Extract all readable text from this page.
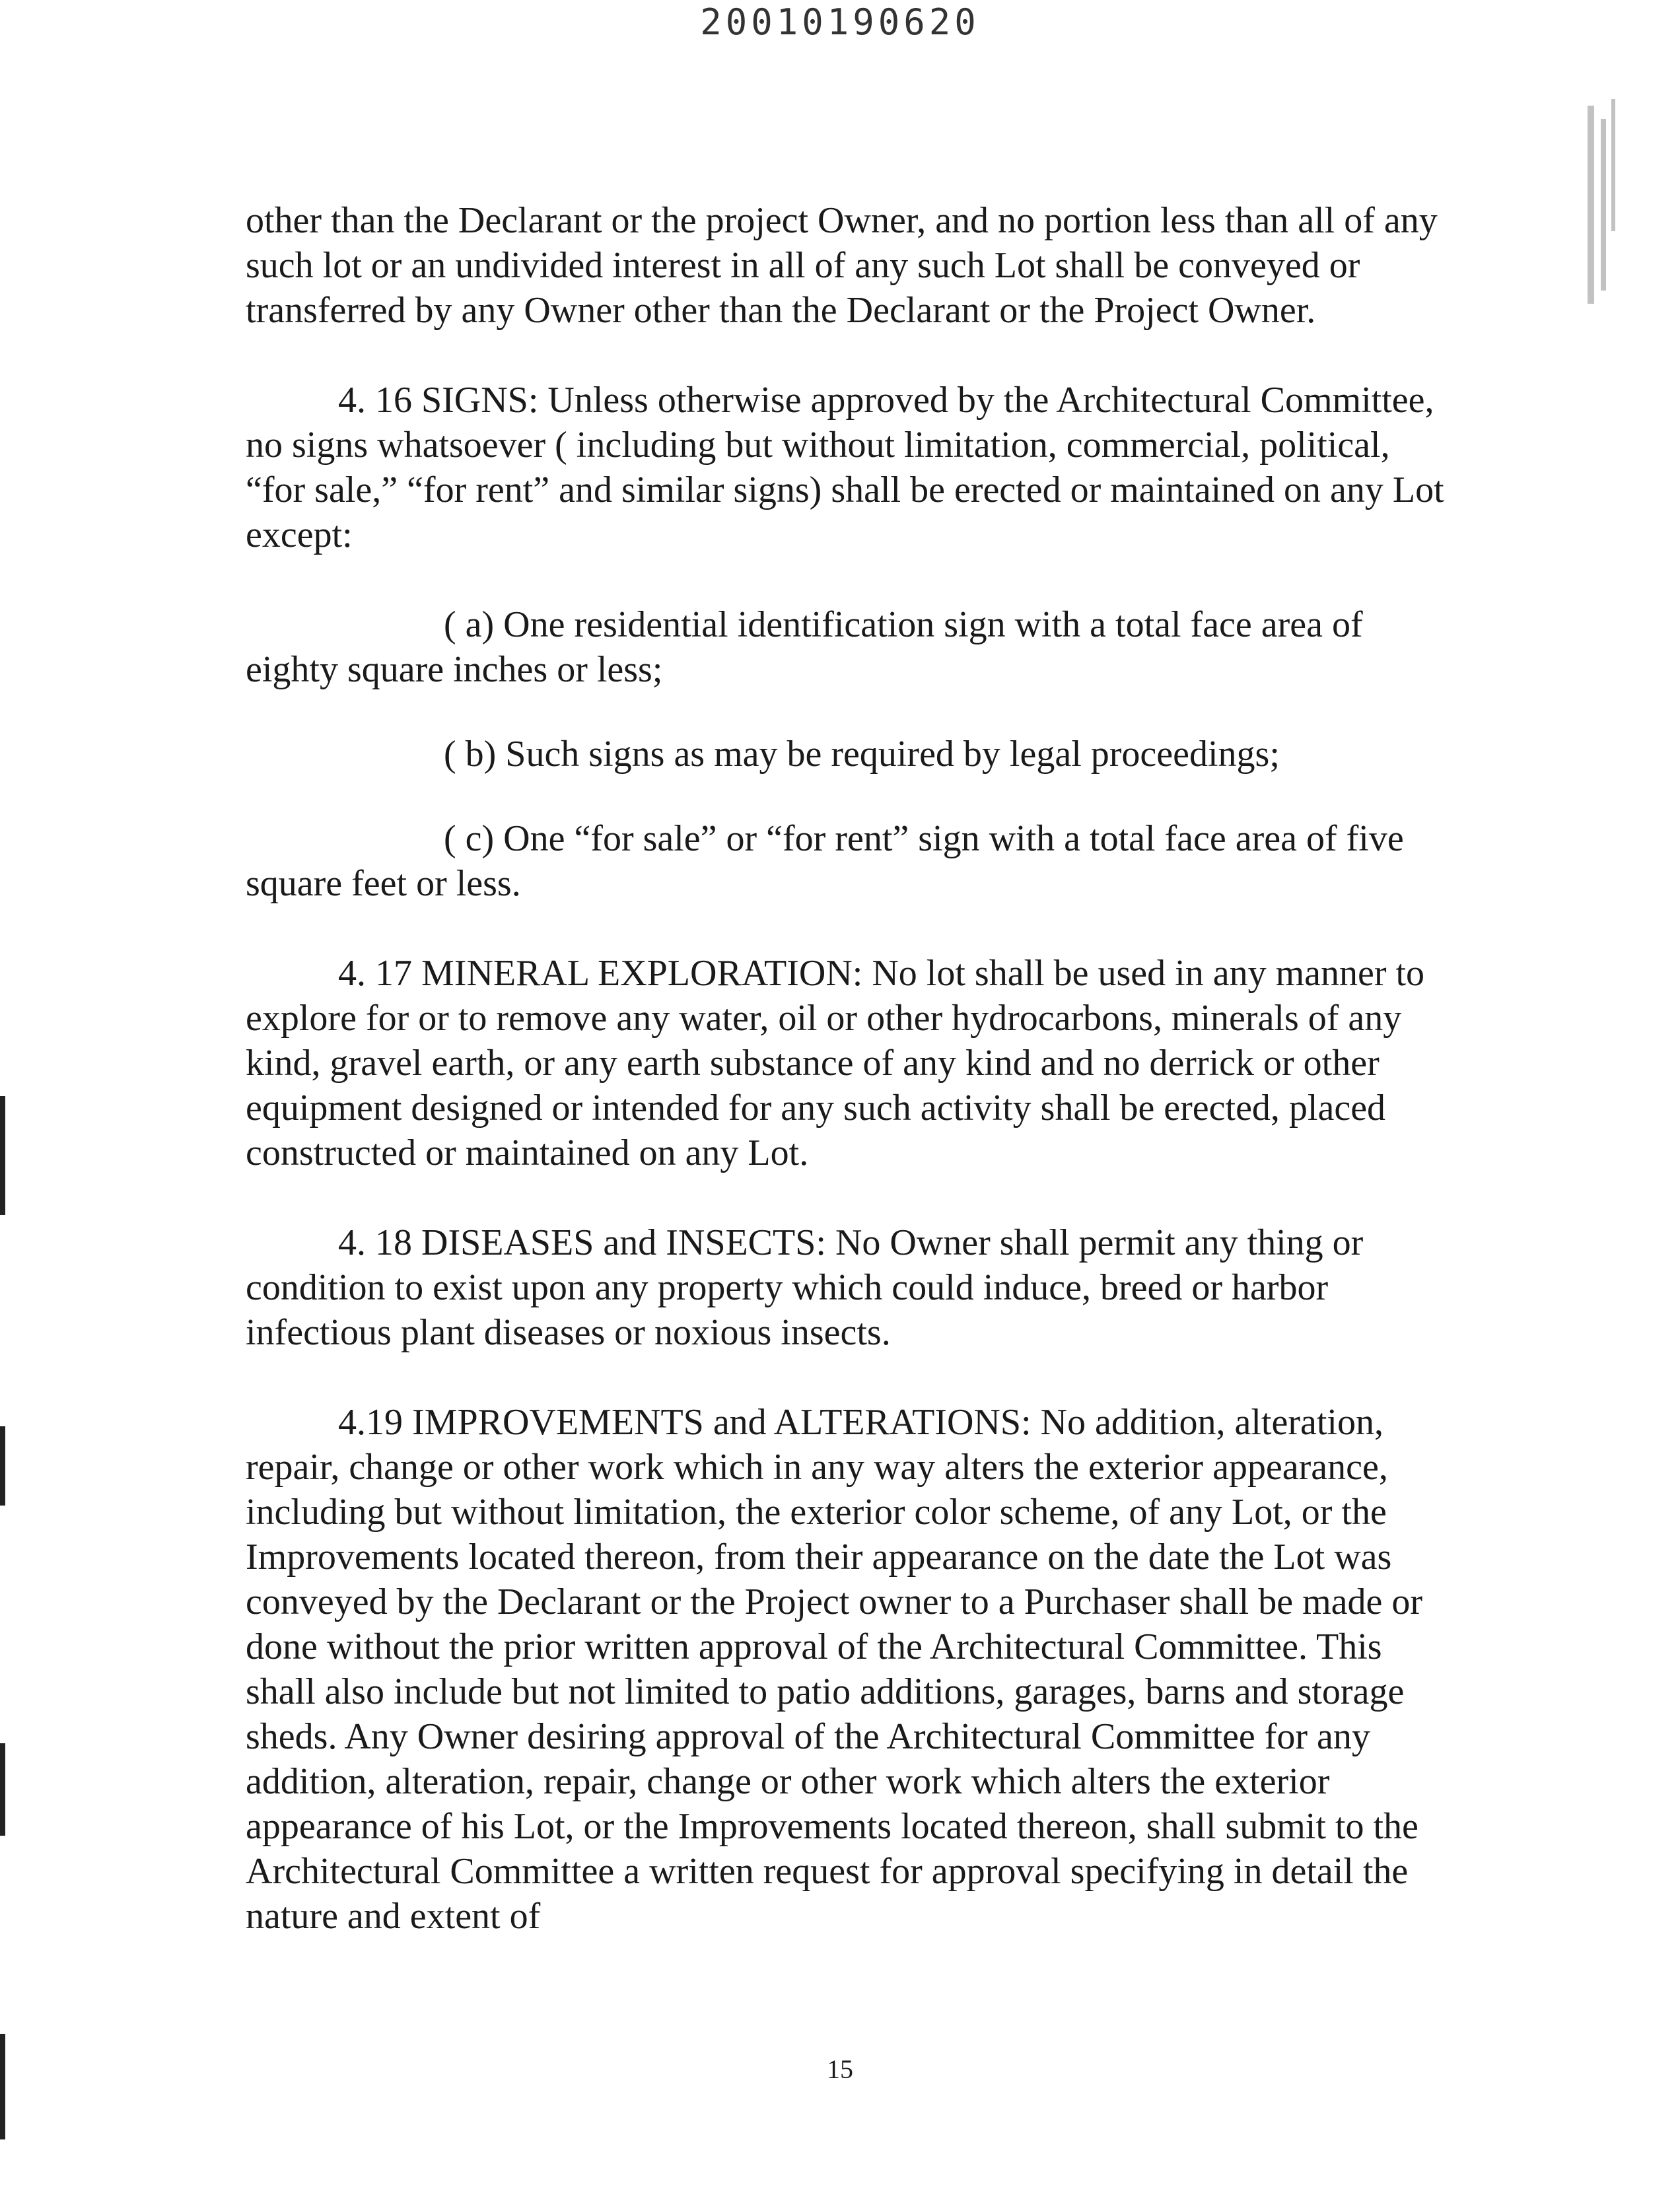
20010190620

other than the Declarant or the project Owner, and no portion less than all of any such lot or an undivided interest in all of any such Lot shall be conveyed or transferred by any Owner other than the Declarant or the Project Owner.

4. 16 SIGNS: Unless otherwise approved by the Architectural Committee, no signs whatsoever ( including but without limitation, commercial, political, “for sale,” “for rent” and similar signs) shall be erected or maintained on any Lot except:

( a) One residential identification sign with a total face area of eighty square inches or less;

( b) Such signs as may be required by legal proceedings;

( c) One “for sale” or “for rent” sign with a total face area of five square feet or less.

4. 17 MINERAL EXPLORATION: No lot shall be used in any manner to explore for or to remove any water, oil or other hydrocarbons, minerals of any kind, gravel earth, or any earth substance of any kind and no derrick or other equipment designed or intended for any such activity shall be erected, placed constructed or maintained on any Lot.

4. 18 DISEASES and INSECTS: No Owner shall permit any thing or condition to exist upon any property which could induce, breed or harbor infectious plant diseases or noxious insects.

4.19 IMPROVEMENTS and ALTERATIONS: No addition, alteration, repair, change or other work which in any way alters the exterior appearance, including but without limitation, the exterior color scheme, of any Lot, or the Improvements located thereon, from their appearance on the date the Lot was conveyed by the Declarant or the Project owner to a Purchaser shall be made or done without the prior written approval of the Architectural Committee. This shall also include but not limited to patio additions, garages, barns and storage sheds. Any Owner desiring approval of the Architectural Committee for any addition, alteration, repair, change or other work which alters the exterior appearance of his Lot, or the Improvements located thereon, shall submit to the Architectural Committee a written request for approval specifying in detail the nature and extent of

15
